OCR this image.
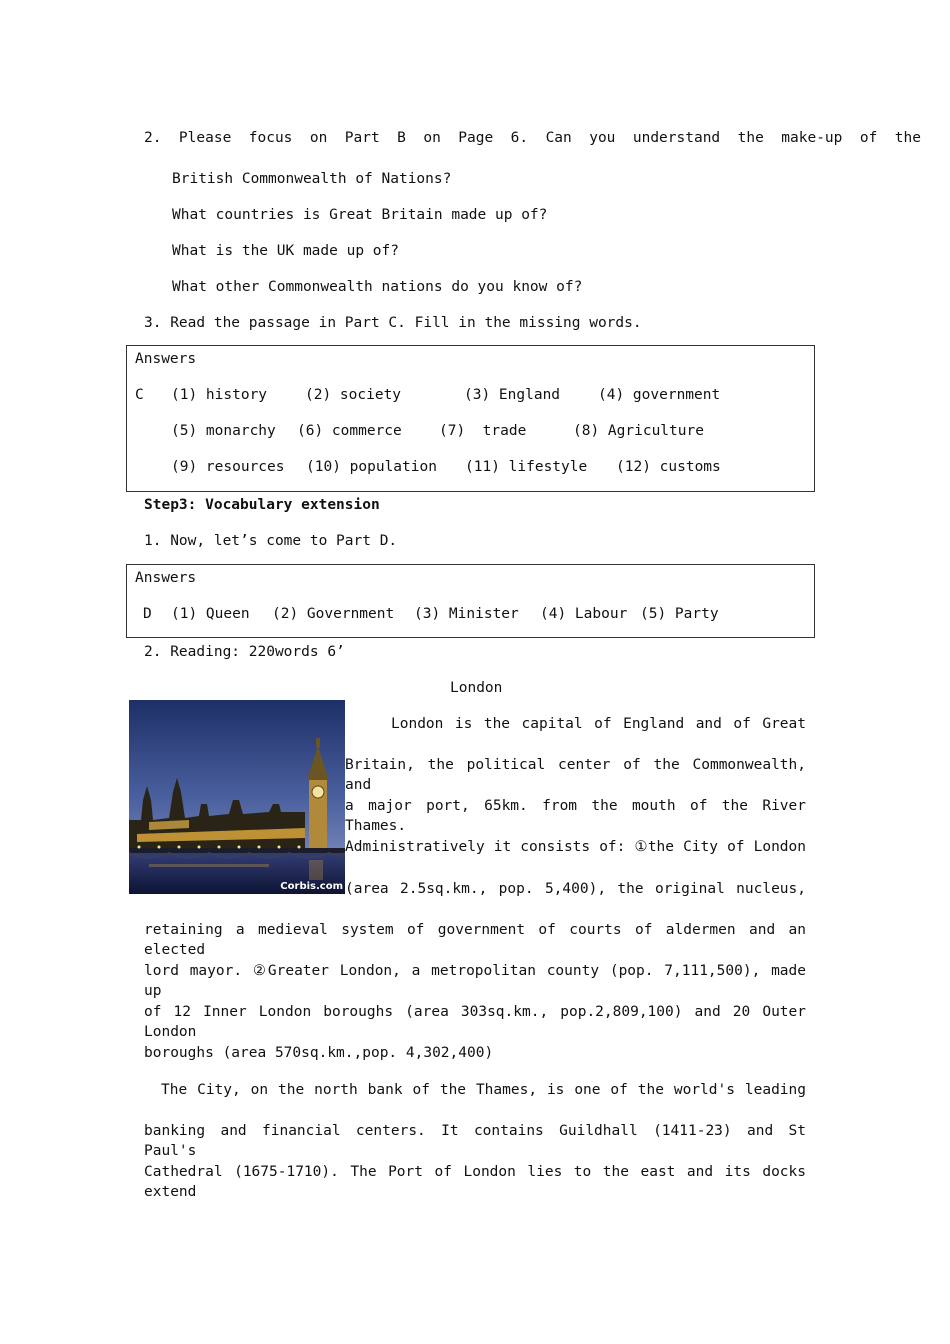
2.  Please  focus  on  Part  B  on  Page  6.  Can  you  understand  the  make-up  of  the
British Commonwealth of Nations?
What countries is Great Britain made up of?
What is the UK made up of?
What other Commonwealth nations do you know of?
3. Read the passage in Part C. Fill in the missing words.
Answers
C (1) history	(2) society	(3) England	(4) government
(5) monarchy (6) commerce	(7)  trade	(8) Agriculture
(9) resources (10) population (11) lifestyle (12) customs
Step3: Vocabulary extension
1. Now, let’s come to Part D.
Answers
D (1) Queen (2) Government (3) Minister (4) Labour (5) Party
2. Reading: 220words 6’
London
Corbis.com
London is the capital of England and of Great
Britain, the political center of the Commonwealth, and
a major port, 65km. from the mouth of the River Thames.
Administratively it consists of: ①the City of London
(area 2.5sq.km., pop. 5,400), the original nucleus,
retaining a medieval system of government of courts of aldermen and an elected
lord mayor. ②Greater London, a metropolitan county (pop. 7,111,500), made up
of 12 Inner London boroughs (area 303sq.km., pop.2,809,100) and 20 Outer London
boroughs (area 570sq.km.,pop. 4,302,400)
The City, on the north bank of the Thames, is one of the world's leading
banking and financial centers. It contains Guildhall (1411-23) and St Paul's
Cathedral (1675-1710). The Port of London lies to the east and its docks extend
